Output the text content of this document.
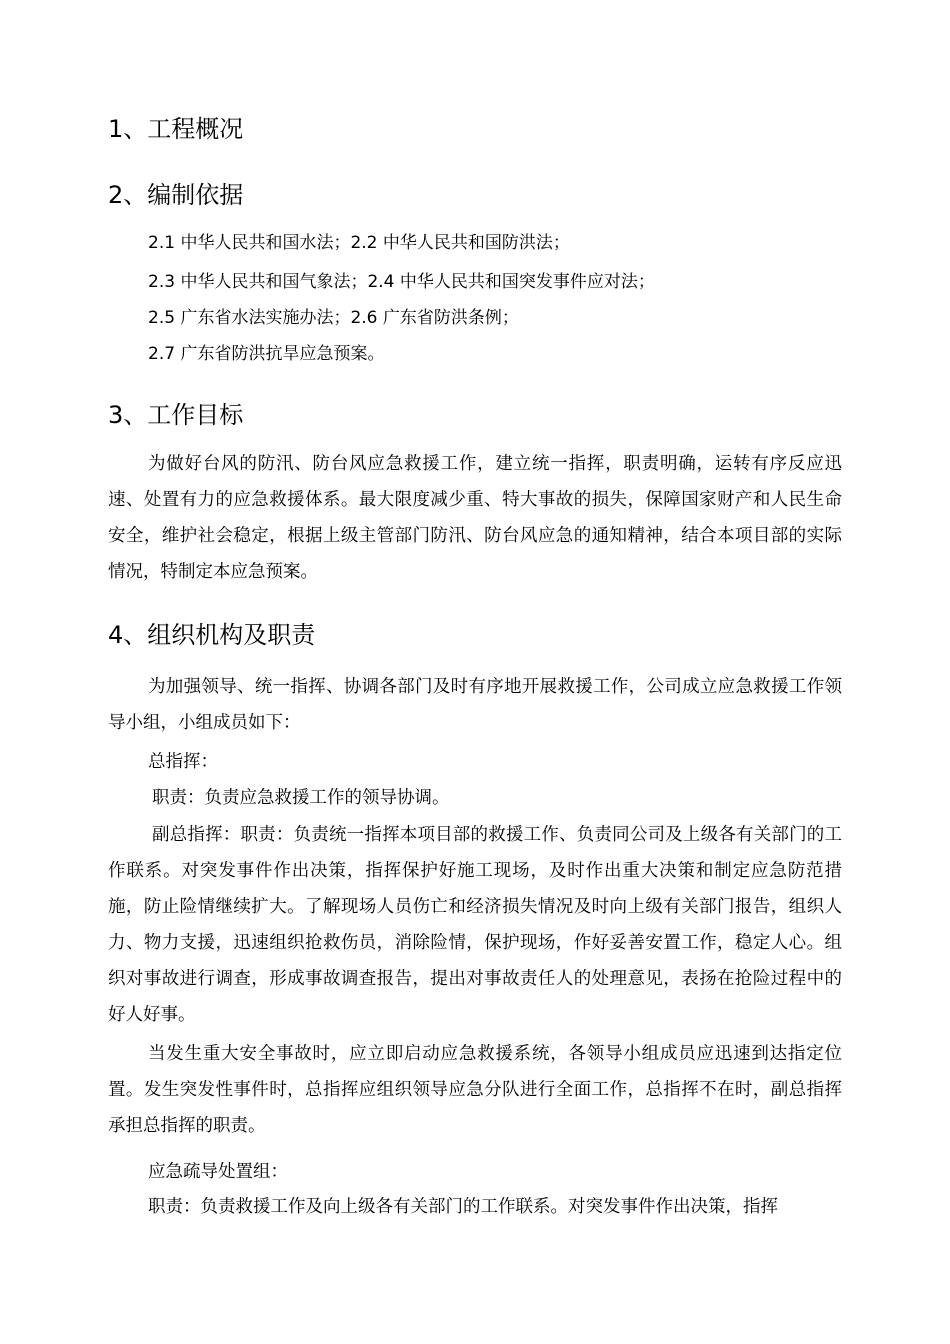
1、工程概况
2、编制依据
2.1 中华人民共和国水法；2.2 中华人民共和国防洪法；
2.3 中华人民共和国气象法；2.4 中华人民共和国突发事件应对法；
2.5 广东省水法实施办法；2.6 广东省防洪条例；
2.7 广东省防洪抗旱应急预案。
3、工作目标
为做好台风的防汛、防台风应急救援工作，建立统一指挥，职责明确，运转有序反应迅速、处置有力的应急救援体系。最大限度减少重、特大事故的损失，保障国家财产和人民生命安全，维护社会稳定，根据上级主管部门防汛、防台风应急的通知精神，结合本项目部的实际情况，特制定本应急预案。
4、组织机构及职责
为加强领导、统一指挥、协调各部门及时有序地开展救援工作，公司成立应急救援工作领导小组，小组成员如下：
总指挥：
职责：负责应急救援工作的领导协调。
副总指挥：职责：负责统一指挥本项目部的救援工作、负责同公司及上级各有关部门的工作联系。对突发事件作出决策，指挥保护好施工现场，及时作出重大决策和制定应急防范措施，防止险情继续扩大。了解现场人员伤亡和经济损失情况及时向上级有关部门报告，组织人力、物力支援，迅速组织抢救伤员，消除险情，保护现场，作好妥善安置工作，稳定人心。组织对事故进行调查，形成事故调查报告，提出对事故责任人的处理意见，表扬在抢险过程中的好人好事。
当发生重大安全事故时，应立即启动应急救援系统，各领导小组成员应迅速到达指定位置。发生突发性事件时，总指挥应组织领导应急分队进行全面工作，总指挥不在时，副总指挥承担总指挥的职责。
应急疏导处置组：
职责：负责救援工作及向上级各有关部门的工作联系。对突发事件作出决策，指挥
